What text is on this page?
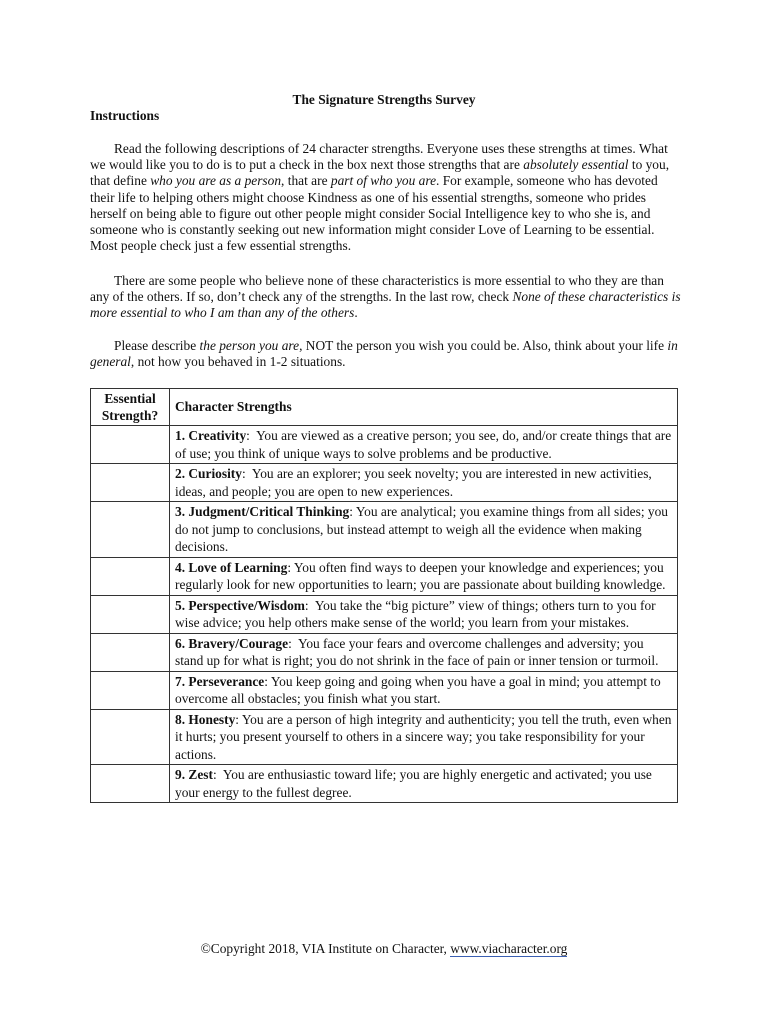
The Signature Strengths Survey
Instructions
Read the following descriptions of 24 character strengths. Everyone uses these strengths at times. What we would like you to do is to put a check in the box next those strengths that are absolutely essential to you, that define who you are as a person, that are part of who you are. For example, someone who has devoted their life to helping others might choose Kindness as one of his essential strengths, someone who prides herself on being able to figure out other people might consider Social Intelligence key to who she is, and someone who is constantly seeking out new information might consider Love of Learning to be essential. Most people check just a few essential strengths.
There are some people who believe none of these characteristics is more essential to who they are than any of the others. If so, don’t check any of the strengths. In the last row, check None of these characteristics is more essential to who I am than any of the others.
Please describe the person you are, NOT the person you wish you could be. Also, think about your life in general, not how you behaved in 1-2 situations.
Essential
Strength?	Character Strengths
	1. Creativity:  You are viewed as a creative person; you see, do, and/or create things that are of use; you think of unique ways to solve problems and be productive.
	2. Curiosity:  You are an explorer; you seek novelty; you are interested in new activities, ideas, and people; you are open to new experiences.
	3. Judgment/Critical Thinking: You are analytical; you examine things from all sides; you do not jump to conclusions, but instead attempt to weigh all the evidence when making decisions.
	4. Love of Learning: You often find ways to deepen your knowledge and experiences; you regularly look for new opportunities to learn; you are passionate about building knowledge.
	5. Perspective/Wisdom:  You take the “big picture” view of things; others turn to you for wise advice; you help others make sense of the world; you learn from your mistakes.
	6. Bravery/Courage:  You face your fears and overcome challenges and adversity; you stand up for what is right; you do not shrink in the face of pain or inner tension or turmoil.
	7. Perseverance: You keep going and going when you have a goal in mind; you attempt to overcome all obstacles; you finish what you start.
	8. Honesty: You are a person of high integrity and authenticity; you tell the truth, even when it hurts; you present yourself to others in a sincere way; you take responsibility for your actions.
	9. Zest:  You are enthusiastic toward life; you are highly energetic and activated; you use your energy to the fullest degree.
©Copyright 2018, VIA Institute on Character, www.viacharacter.org
